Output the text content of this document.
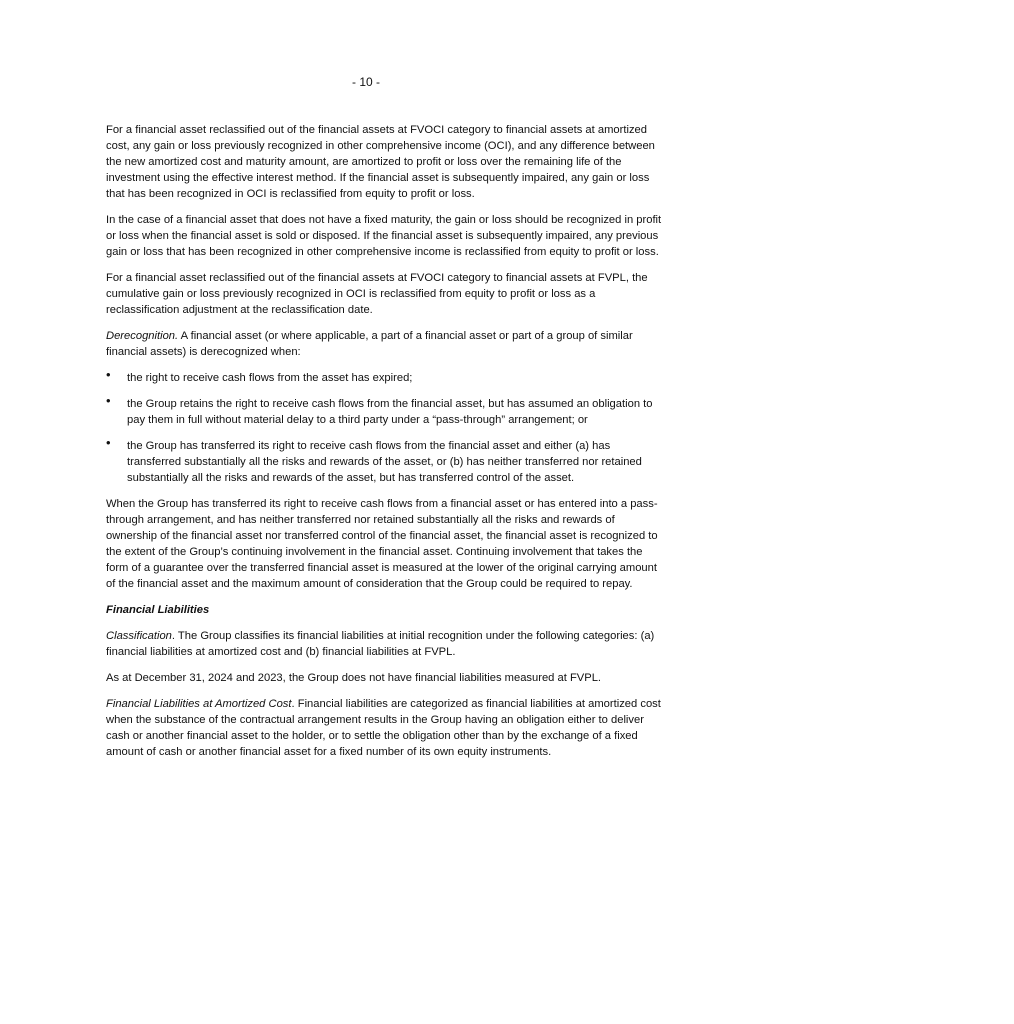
- 10 -

For a financial asset reclassified out of the financial assets at FVOCI category to financial assets at amortized cost, any gain or loss previously recognized in other comprehensive income (OCI), and any difference between the new amortized cost and maturity amount, are amortized to profit or loss over the remaining life of the investment using the effective interest method. If the financial asset is subsequently impaired, any gain or loss that has been recognized in OCI is reclassified from equity to profit or loss.

In the case of a financial asset that does not have a fixed maturity, the gain or loss should be recognized in profit or loss when the financial asset is sold or disposed. If the financial asset is subsequently impaired, any previous gain or loss that has been recognized in other comprehensive income is reclassified from equity to profit or loss.

For a financial asset reclassified out of the financial assets at FVOCI category to financial assets at FVPL, the cumulative gain or loss previously recognized in OCI is reclassified from equity to profit or loss as a reclassification adjustment at the reclassification date.

Derecognition. A financial asset (or where applicable, a part of a financial asset or part of a group of similar financial assets) is derecognized when:

• the right to receive cash flows from the asset has expired;
• the Group retains the right to receive cash flows from the financial asset, but has assumed an obligation to pay them in full without material delay to a third party under a “pass-through” arrangement; or
• the Group has transferred its right to receive cash flows from the financial asset and either (a) has transferred substantially all the risks and rewards of the asset, or (b) has neither transferred nor retained substantially all the risks and rewards of the asset, but has transferred control of the asset.

When the Group has transferred its right to receive cash flows from a financial asset or has entered into a pass-through arrangement, and has neither transferred nor retained substantially all the risks and rewards of ownership of the financial asset nor transferred control of the financial asset, the financial asset is recognized to the extent of the Group’s continuing involvement in the financial asset. Continuing involvement that takes the form of a guarantee over the transferred financial asset is measured at the lower of the original carrying amount of the financial asset and the maximum amount of consideration that the Group could be required to repay.

Financial Liabilities

Classification. The Group classifies its financial liabilities at initial recognition under the following categories: (a) financial liabilities at amortized cost and (b) financial liabilities at FVPL.

As at December 31, 2024 and 2023, the Group does not have financial liabilities measured at FVPL.

Financial Liabilities at Amortized Cost. Financial liabilities are categorized as financial liabilities at amortized cost when the substance of the contractual arrangement results in the Group having an obligation either to deliver cash or another financial asset to the holder, or to settle the obligation other than by the exchange of a fixed amount of cash or another financial asset for a fixed number of its own equity instruments.
